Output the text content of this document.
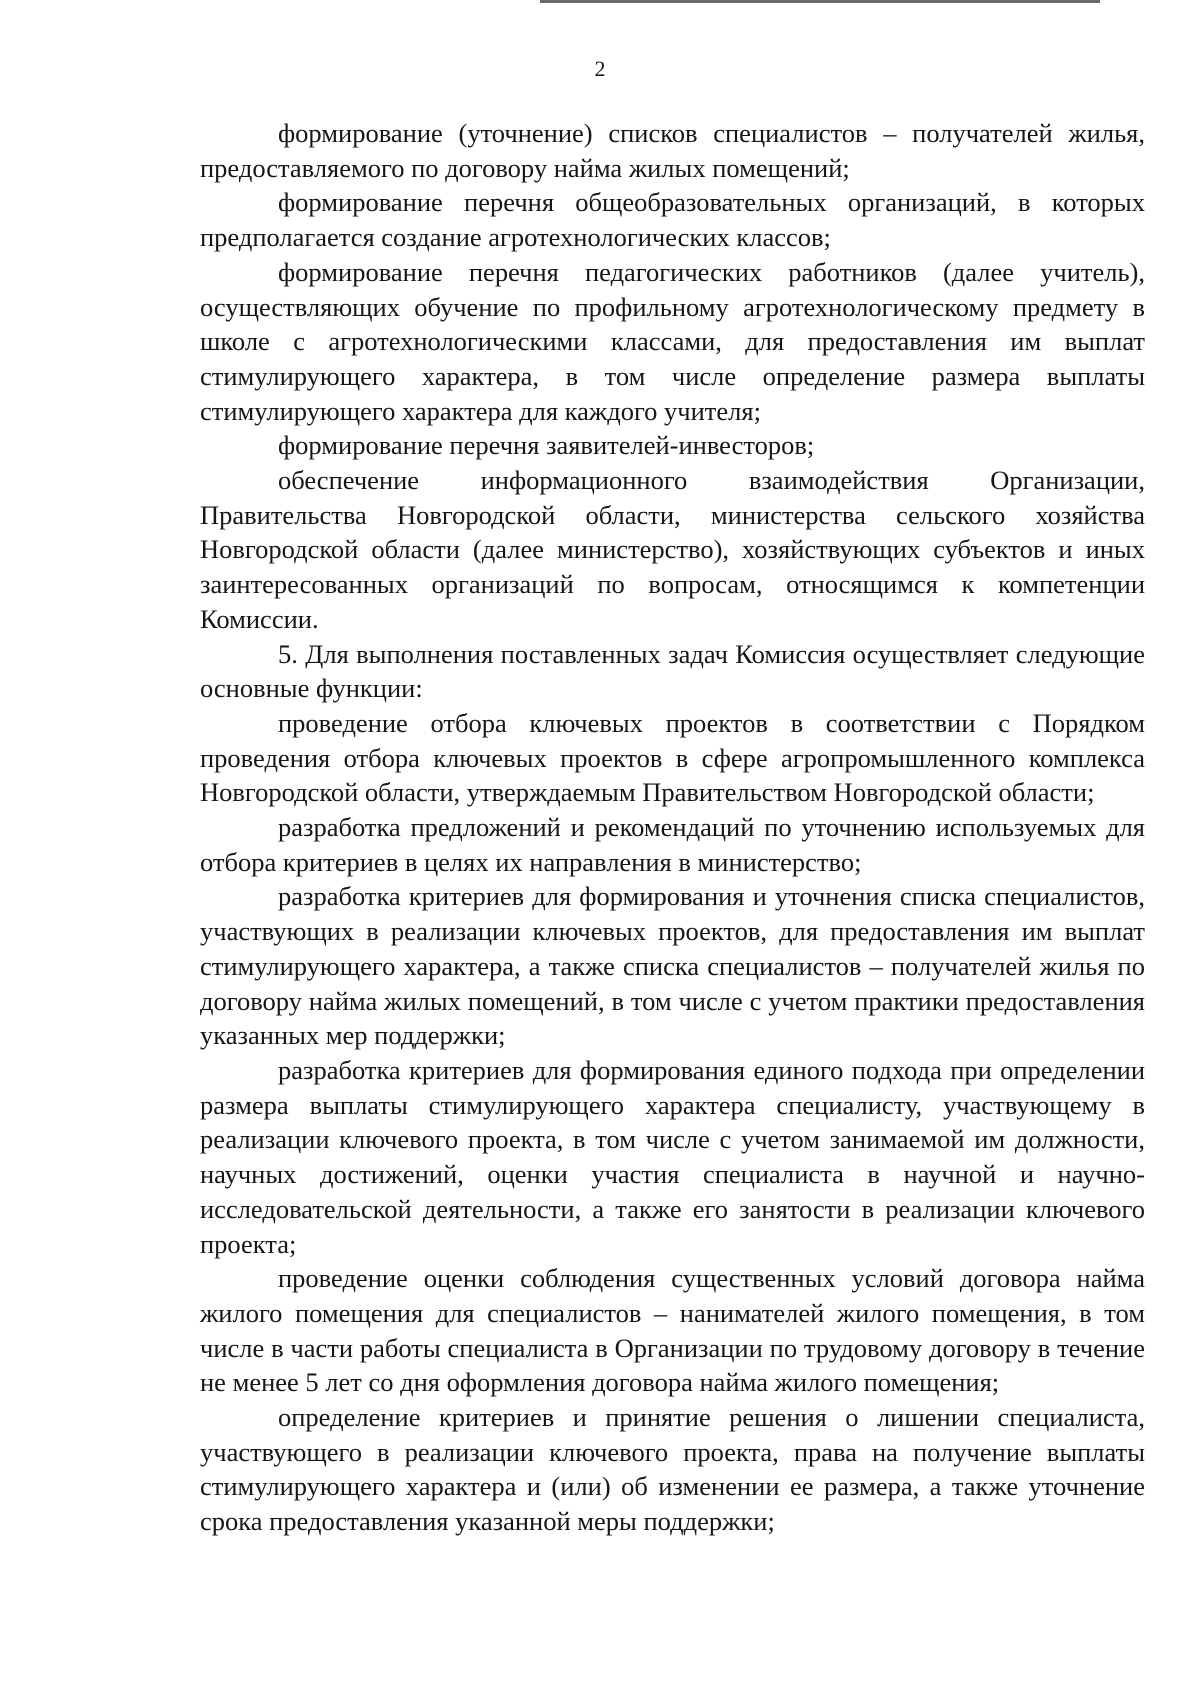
2

формирование (уточнение) списков специалистов – получателей жилья, предоставляемого по договору найма жилых помещений;

формирование перечня общеобразовательных организаций, в которых предполагается создание агротехнологических классов;

формирование перечня педагогических работников (далее учитель), осуществляющих обучение по профильному агротехнологическому предмету в школе с агротехнологическими классами, для предоставления им выплат стимулирующего характера, в том числе определение размера выплаты стимулирующего характера для каждого учителя;

формирование перечня заявителей-инвесторов;

обеспечение информационного взаимодействия Организации, Правительства Новгородской области, министерства сельского хозяйства Новгородской области (далее министерство), хозяйствующих субъектов и иных заинтересованных организаций по вопросам, относящимся к компетенции Комиссии.

5. Для выполнения поставленных задач Комиссия осуществляет следующие основные функции:

проведение отбора ключевых проектов в соответствии с Порядком проведения отбора ключевых проектов в сфере агропромышленного комплекса Новгородской области, утверждаемым Правительством Новгородской области;

разработка предложений и рекомендаций по уточнению используемых для отбора критериев в целях их направления в министерство;

разработка критериев для формирования и уточнения списка специалистов, участвующих в реализации ключевых проектов, для предоставления им выплат стимулирующего характера, а также списка специалистов – получателей жилья по договору найма жилых помещений, в том числе с учетом практики предоставления указанных мер поддержки;

разработка критериев для формирования единого подхода при определении размера выплаты стимулирующего характера специалисту, участвующему в реализации ключевого проекта, в том числе с учетом занимаемой им должности, научных достижений, оценки участия специалиста в научной и научно-исследовательской деятельности, а также его занятости в реализации ключевого проекта;

проведение оценки соблюдения существенных условий договора найма жилого помещения для специалистов – нанимателей жилого помещения, в том числе в части работы специалиста в Организации по трудовому договору в течение не менее 5 лет со дня оформления договора найма жилого помещения;

определение критериев и принятие решения о лишении специалиста, участвующего в реализации ключевого проекта, права на получение выплаты стимулирующего характера и (или) об изменении ее размера, а также уточнение срока предоставления указанной меры поддержки;
